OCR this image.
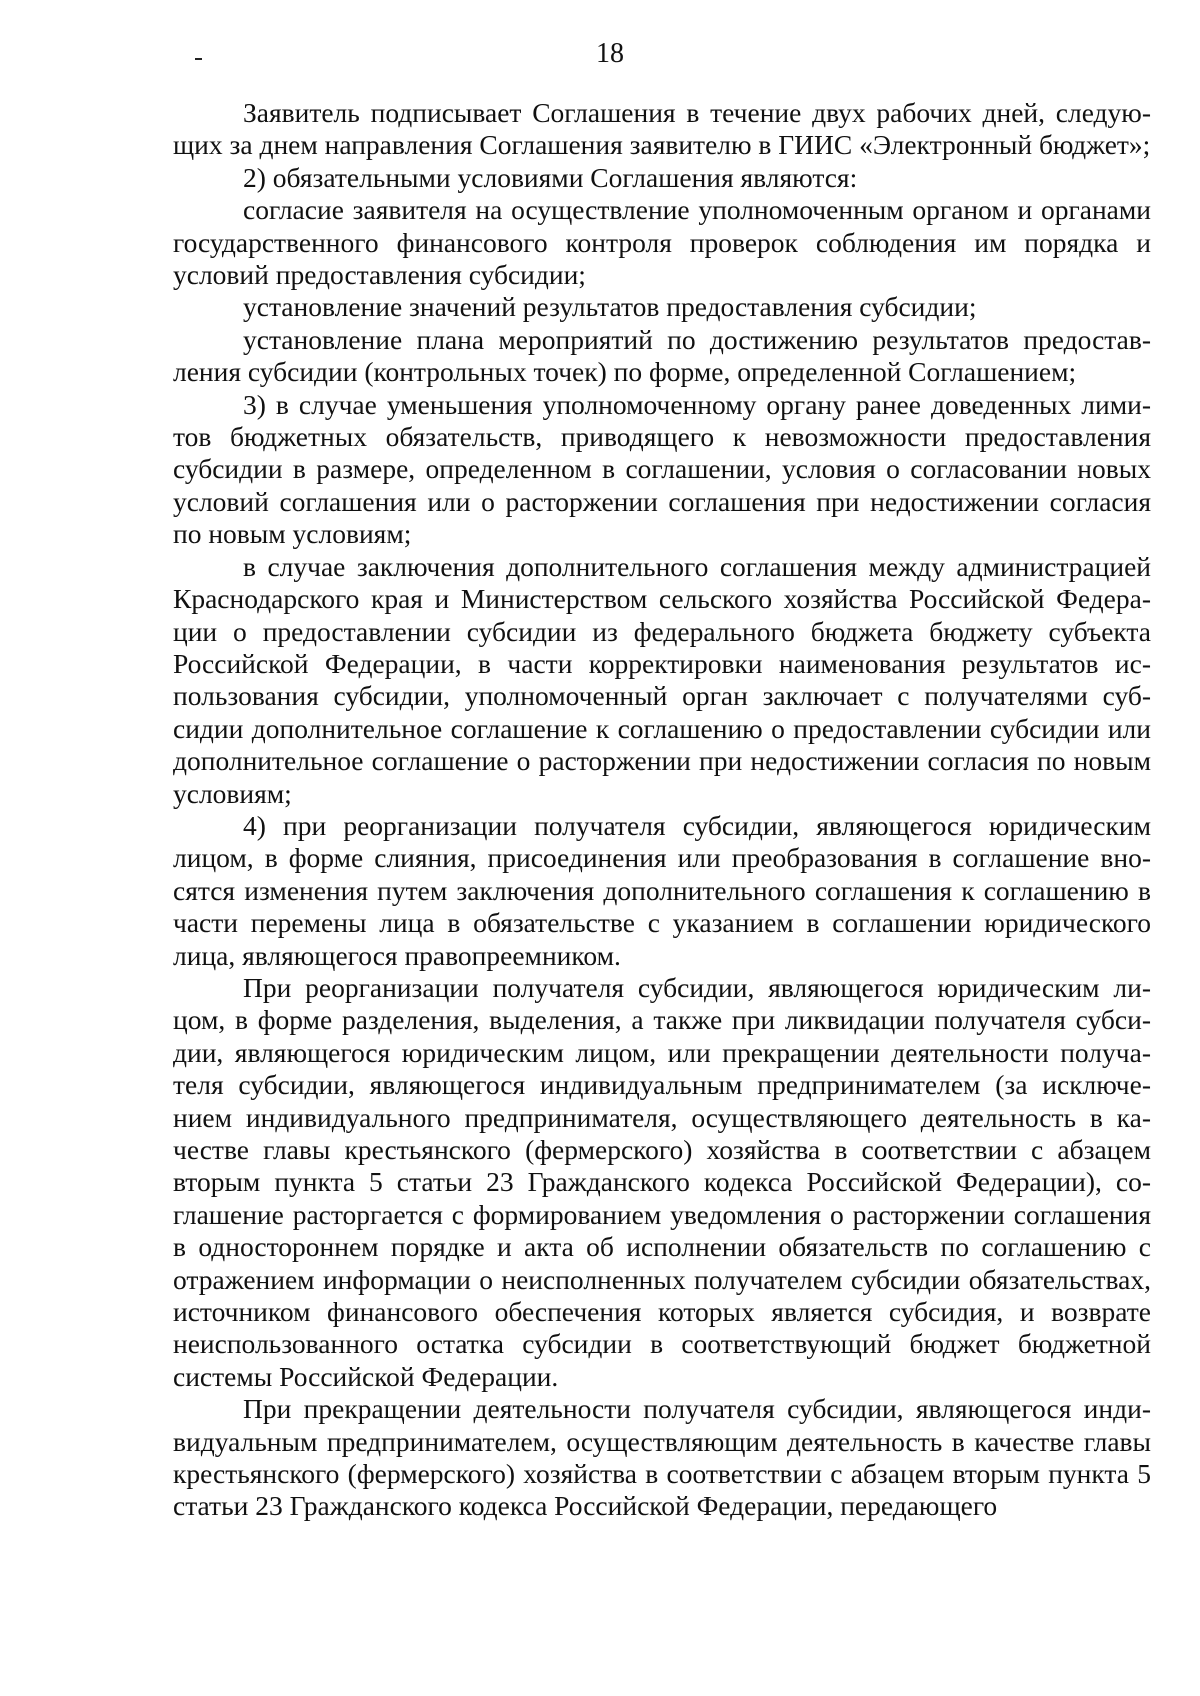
18

Заявитель подписывает Соглашения в течение двух рабочих дней, следующих за днем направления Соглашения заявителю в ГИИС «Электронный бюджет»;

2) обязательными условиями Соглашения являются:

согласие заявителя на осуществление уполномоченным органом и органами государственного финансового контроля проверок соблюдения им порядка и условий предоставления субсидии;

установление значений результатов предоставления субсидии;

установление плана мероприятий по достижению результатов предоставления субсидии (контрольных точек) по форме, определенной Соглашением;

3) в случае уменьшения уполномоченному органу ранее доведенных лимитов бюджетных обязательств, приводящего к невозможности предоставления субсидии в размере, определенном в соглашении, условия о согласовании новых условий соглашения или о расторжении соглашения при недостижении согласия по новым условиям;

в случае заключения дополнительного соглашения между администрацией Краснодарского края и Министерством сельского хозяйства Российской Федерации о предоставлении субсидии из федерального бюджета бюджету субъекта Российской Федерации, в части корректировки наименования результатов использования субсидии, уполномоченный орган заключает с получателями субсидии дополнительное соглашение к соглашению о предоставлении субсидии или дополнительное соглашение о расторжении при недостижении согласия по новым условиям;

4) при реорганизации получателя субсидии, являющегося юридическим лицом, в форме слияния, присоединения или преобразования в соглашение вносятся изменения путем заключения дополнительного соглашения к соглашению в части перемены лица в обязательстве с указанием в соглашении юридического лица, являющегося правопреемником.

При реорганизации получателя субсидии, являющегося юридическим лицом, в форме разделения, выделения, а также при ликвидации получателя субсидии, являющегося юридическим лицом, или прекращении деятельности получателя субсидии, являющегося индивидуальным предпринимателем (за исключением индивидуального предпринимателя, осуществляющего деятельность в качестве главы крестьянского (фермерского) хозяйства в соответствии с абзацем вторым пункта 5 статьи 23 Гражданского кодекса Российской Федерации), соглашение расторгается с формированием уведомления о расторжении соглашения в одностороннем порядке и акта об исполнении обязательств по соглашению с отражением информации о неисполненных получателем субсидии обязательствах, источником финансового обеспечения которых является субсидия, и возврате неиспользованного остатка субсидии в соответствующий бюджет бюджетной системы Российской Федерации.

При прекращении деятельности получателя субсидии, являющегося индивидуальным предпринимателем, осуществляющим деятельность в качестве главы крестьянского (фермерского) хозяйства в соответствии с абзацем вторым пункта 5 статьи 23 Гражданского кодекса Российской Федерации, передающего
